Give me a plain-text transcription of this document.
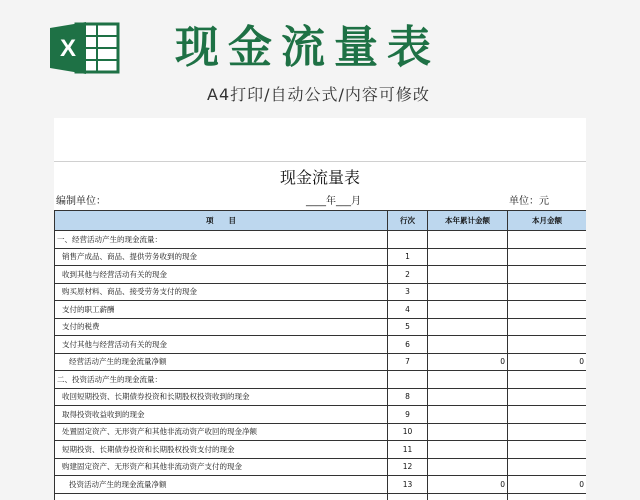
X 现金流量表
A4打印/自动公式/内容可修改
现金流量表
编制单位：	____年___月	单位：元
项　　目	行次	本年累计金额	本月金额
一、经营活动产生的现金流量：			
销售产成品、商品、提供劳务收到的现金	1		
收到其他与经营活动有关的现金	2		
购买原材料、商品、接受劳务支付的现金	3		
支付的职工薪酬	4		
支付的税费	5		
支付其他与经营活动有关的现金	6		
经营活动产生的现金流量净额	7	0	0
二、投资活动产生的现金流量：			
收回短期投资、长期债券投资和长期股权投资收到的现金	8		
取得投资收益收到的现金	9		
处置固定资产、无形资产和其他非流动资产收回的现金净额	10		
短期投资、长期债券投资和长期股权投资支付的现金	11		
购建固定资产、无形资产和其他非流动资产支付的现金	12		
投资活动产生的现金流量净额	13	0	0
